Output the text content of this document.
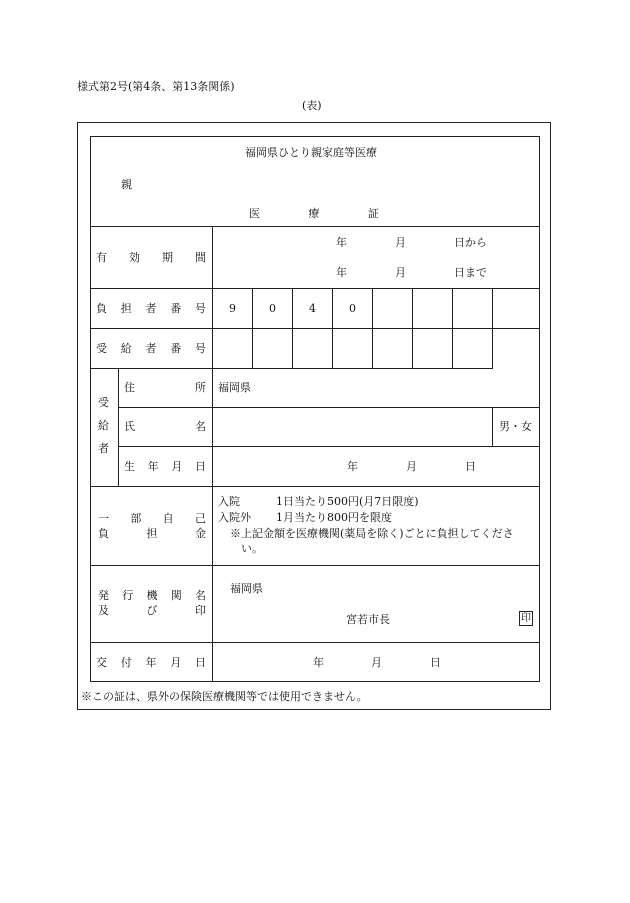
様式第2号(第4条、第13条関係)
(表)
福岡県ひとり親家庭等医療
親
医	療	証
有 効 期 間
年	月	日から
年	月	日まで
負 担 者 番 号 9	0	4	0
受 給 者 番 号
受
給
者
住	所 福岡県
氏	名	男・女
生 年 月 日	年	月	日
一 部 自 己
負	担	金
入院	1日当たり500円(月7日限度)
入院外 1月当たり800円を限度
※上記金額を医療機関(薬局を除く)ごとに負担してくださ
い。
発 行 機 関 名
及	び	印
福岡県
宮若市長	印
交 付 年 月 日	年	月	日
※この証は、県外の保険医療機関等では使用できません。
